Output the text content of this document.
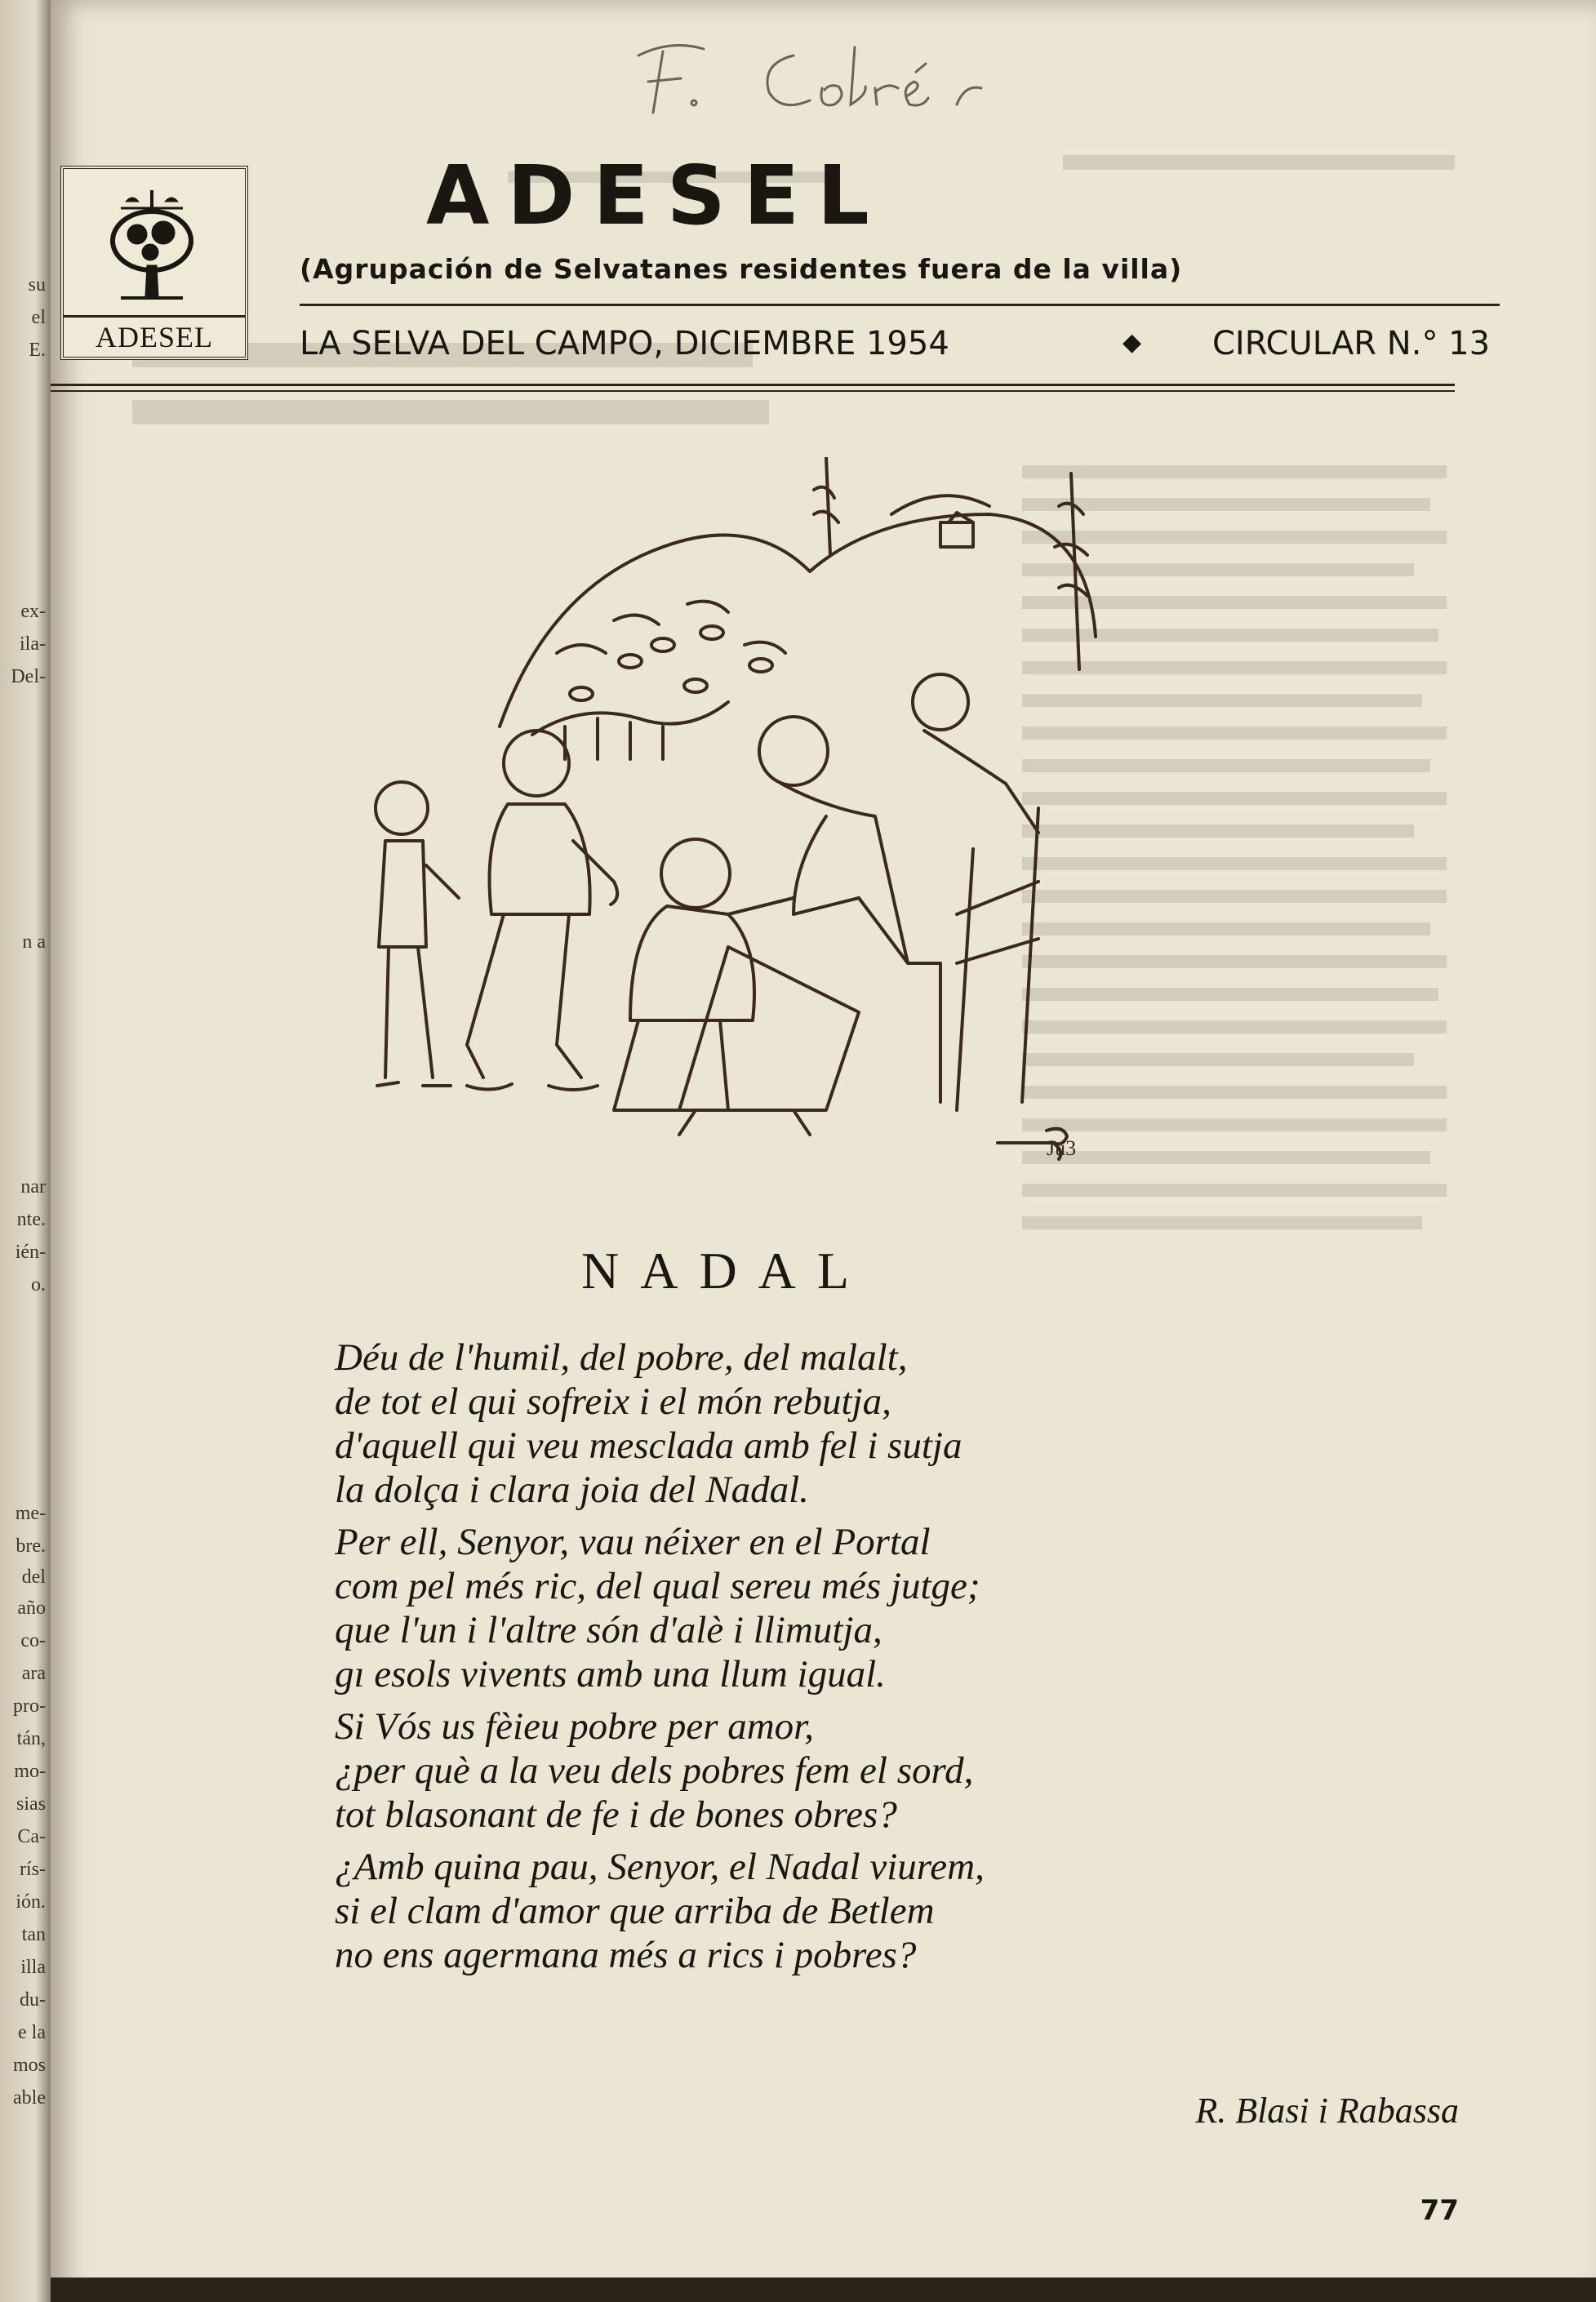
su
el
E.
ex-
ila-
Del-
n a
nar
nte.
ién-
o.
me-
bre.
del
año
co-
ara
pro-
tán,
mo-
sias
Ca-
rís-
ión.
tan
illa
du-
e la
mos
able
ADESEL
ADESEL
(Agrupación de Selvatanes residentes fuera de la villa)
LA SELVA DEL CAMPO, DICIEMBRE 1954	◆ CIRCULAR N.° 13
Ju3
NADAL
Déu de l'humil, del pobre, del malalt,
de tot el qui sofreix i el món rebutja,
d'aquell qui veu mesclada amb fel i sutja
la dolça i clara joia del Nadal.
Per ell, Senyor, vau néixer en el Portal
com pel més ric, del qual sereu més jutge;
que l'un i l'altre són d'alè i llimutja,
gı esols vivents amb una llum igual.
Si Vós us fèieu pobre per amor,
¿per què a la veu dels pobres fem el sord,
tot blasonant de fe i de bones obres?
¿Amb quina pau, Senyor, el Nadal viurem,
si el clam d'amor que arriba de Betlem
no ens agermana més a rics i pobres?
R. Blasi i Rabassa
77
